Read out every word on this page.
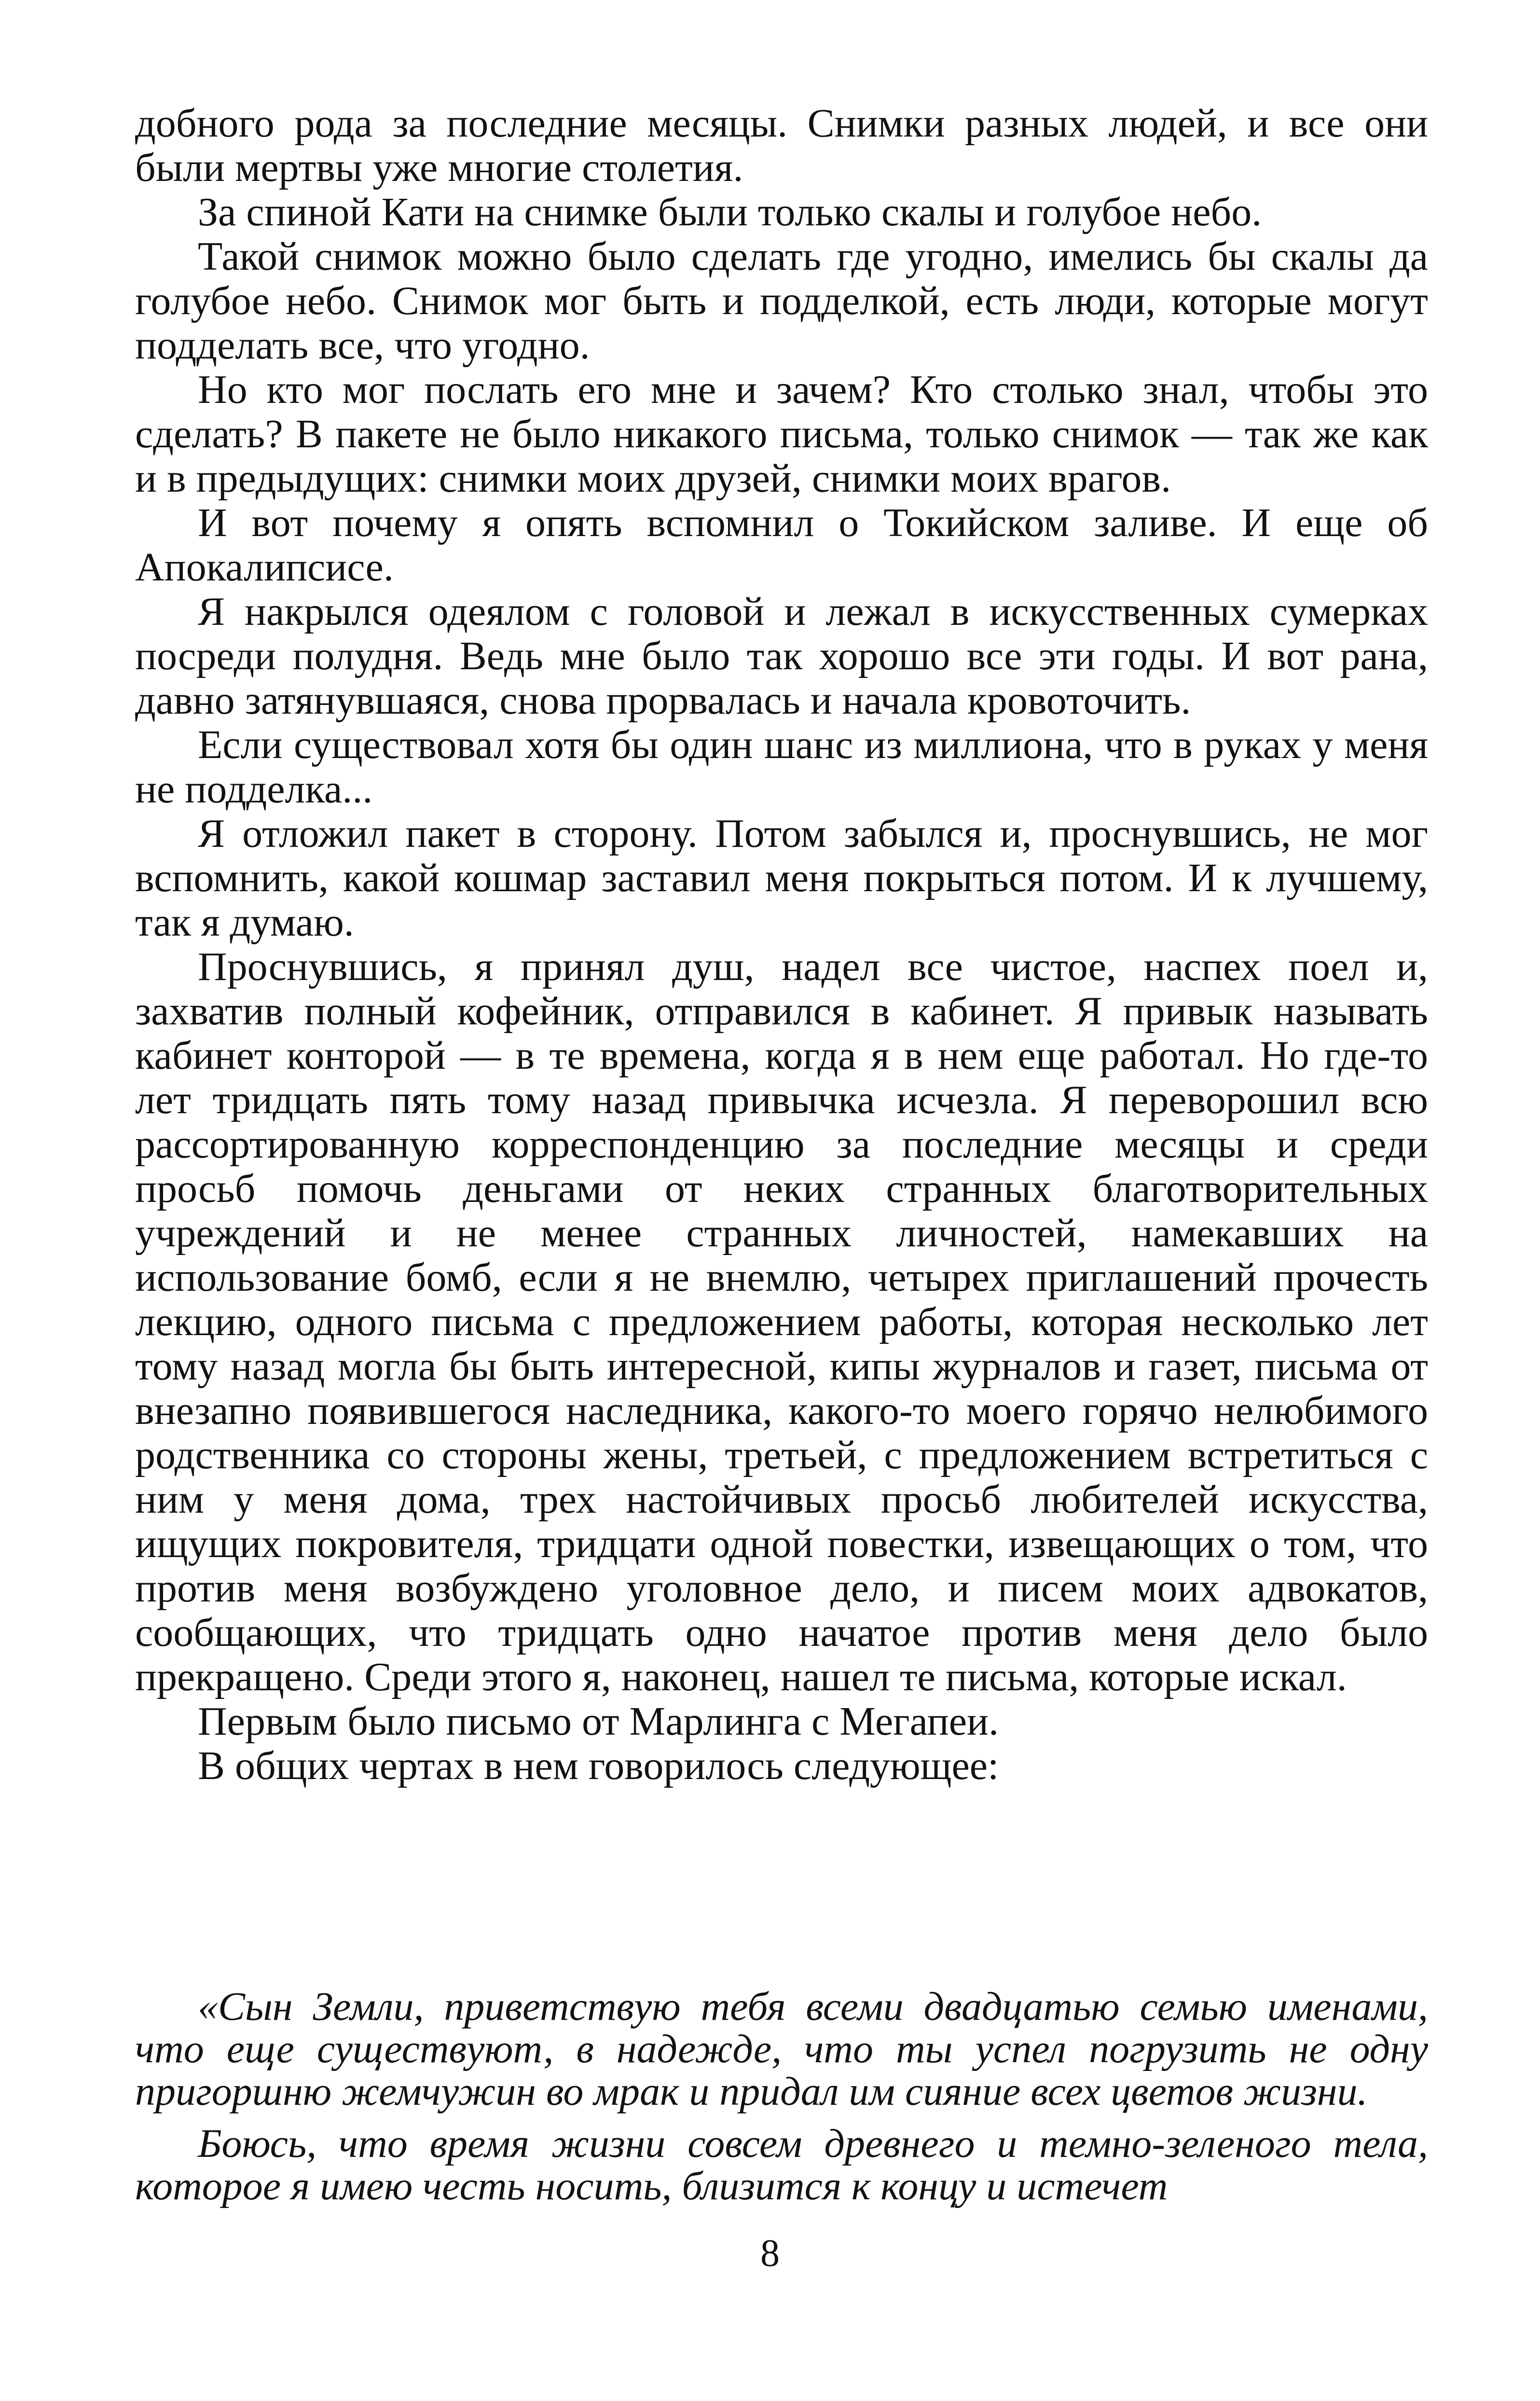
добного рода за последние месяцы. Снимки разных людей, и все они были мертвы уже многие столетия.

За спиной Кати на снимке были только скалы и голубое небо.

Такой снимок можно было сделать где угодно, имелись бы скалы да голубое небо. Снимок мог быть и подделкой, есть люди, которые могут подделать все, что угодно.

Но кто мог послать его мне и зачем? Кто столько знал, чтобы это сделать? В пакете не было никакого письма, только снимок — так же как и в предыдущих: снимки моих друзей, снимки моих врагов.

И вот почему я опять вспомнил о Токийском заливе. И еще об Апокалипсисе.

Я накрылся одеялом с головой и лежал в искусственных сумерках посреди полудня. Ведь мне было так хорошо все эти годы. И вот рана, давно затянувшаяся, снова прорвалась и начала кровоточить.

Если существовал хотя бы один шанс из миллиона, что в руках у меня не подделка...

Я отложил пакет в сторону. Потом забылся и, проснувшись, не мог вспомнить, какой кошмар заставил меня покрыться потом. И к лучшему, так я думаю.

Проснувшись, я принял душ, надел все чистое, наспех поел и, захватив полный кофейник, отправился в кабинет. Я привык называть кабинет конторой — в те времена, когда я в нем еще работал. Но где-то лет тридцать пять тому назад привычка исчезла. Я переворошил всю рассортированную корреспонденцию за последние месяцы и среди просьб помочь деньгами от неких странных благотворительных учреждений и не менее странных личностей, намекавших на использование бомб, если я не внемлю, четырех приглашений прочесть лекцию, одного письма с предложением работы, которая несколько лет тому назад могла бы быть интересной, кипы журналов и газет, письма от внезапно появившегося наследника, какого-то моего горячо нелюбимого родственника со стороны жены, третьей, с предложением встретиться с ним у меня дома, трех настойчивых просьб любителей искусства, ищущих покровителя, тридцати одной повестки, извещающих о том, что против меня возбуждено уголовное дело, и писем моих адвокатов, сообщающих, что тридцать одно начатое против меня дело было прекращено. Среди этого я, наконец, нашел те письма, которые искал.

Первым было письмо от Марлинга с Мегапеи.

В общих чертах в нем говорилось следующее:

«Сын Земли, приветствую тебя всеми двадцатью семью именами, что еще существуют, в надежде, что ты успел погрузить не одну пригоршню жемчужин во мрак и придал им сияние всех цветов жизни.

Боюсь, что время жизни совсем древнего и темно-зеленого тела, которое я имею честь носить, близится к концу и истечет

8
